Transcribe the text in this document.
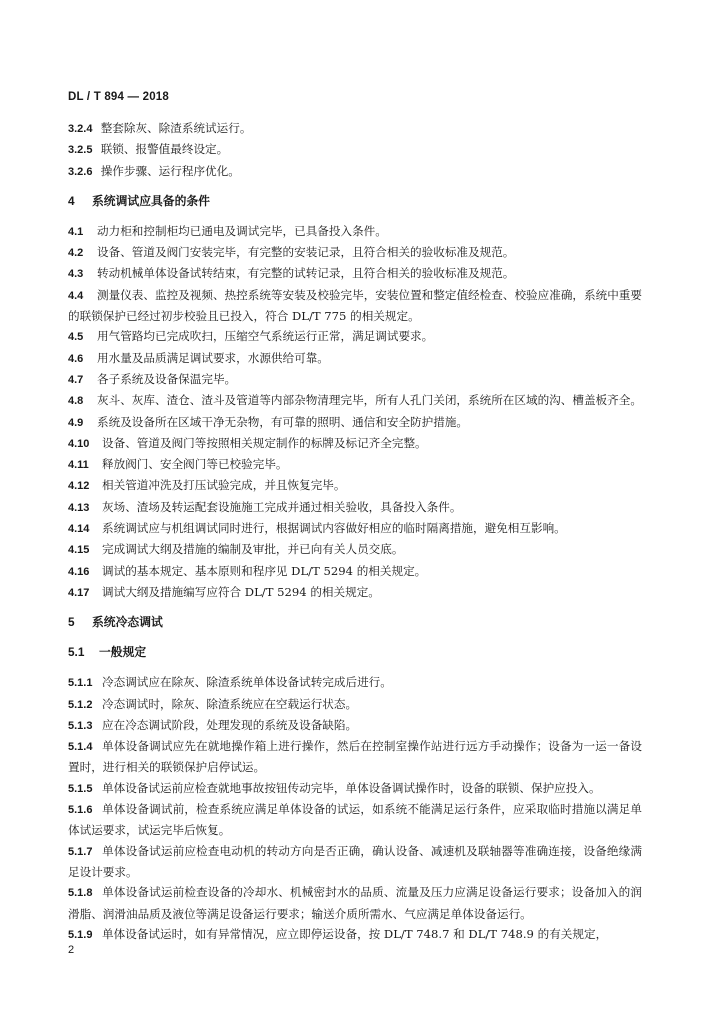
DL / T 894 — 2018

3.2.4 整套除灰、除渣系统试运行。

3.2.5 联锁、报警值最终设定。

3.2.6 操作步骤、运行程序优化。

4 系统调试应具备的条件

4.1 动力柜和控制柜均已通电及调试完毕，已具备投入条件。

4.2 设备、管道及阀门安装完毕，有完整的安装记录，且符合相关的验收标准及规范。

4.3 转动机械单体设备试转结束，有完整的试转记录，且符合相关的验收标准及规范。

4.4 测量仪表、监控及视频、热控系统等安装及校验完毕，安装位置和整定值经检查、校验应准确，系统中重要的联锁保护已经过初步校验且已投入，符合 DL/T 775 的相关规定。

4.5 用气管路均已完成吹扫，压缩空气系统运行正常，满足调试要求。

4.6 用水量及品质满足调试要求，水源供给可靠。

4.7 各子系统及设备保温完毕。

4.8 灰斗、灰库、渣仓、渣斗及管道等内部杂物清理完毕，所有人孔门关闭，系统所在区域的沟、槽盖板齐全。

4.9 系统及设备所在区域干净无杂物，有可靠的照明、通信和安全防护措施。

4.10 设备、管道及阀门等按照相关规定制作的标牌及标记齐全完整。

4.11 释放阀门、安全阀门等已校验完毕。

4.12 相关管道冲洗及打压试验完成，并且恢复完毕。

4.13 灰场、渣场及转运配套设施施工完成并通过相关验收，具备投入条件。

4.14 系统调试应与机组调试同时进行，根据调试内容做好相应的临时隔离措施，避免相互影响。

4.15 完成调试大纲及措施的编制及审批，并已向有关人员交底。

4.16 调试的基本规定、基本原则和程序见 DL/T 5294 的相关规定。

4.17 调试大纲及措施编写应符合 DL/T 5294 的相关规定。

5 系统冷态调试

5.1 一般规定

5.1.1 冷态调试应在除灰、除渣系统单体设备试转完成后进行。

5.1.2 冷态调试时，除灰、除渣系统应在空载运行状态。

5.1.3 应在冷态调试阶段，处理发现的系统及设备缺陷。

5.1.4 单体设备调试应先在就地操作箱上进行操作，然后在控制室操作站进行远方手动操作；设备为一运一备设置时，进行相关的联锁保护启停试运。

5.1.5 单体设备试运前应检查就地事故按钮传动完毕，单体设备调试操作时，设备的联锁、保护应投入。

5.1.6 单体设备调试前，检查系统应满足单体设备的试运，如系统不能满足运行条件，应采取临时措施以满足单体试运要求，试运完毕后恢复。

5.1.7 单体设备试运前应检查电动机的转动方向是否正确，确认设备、减速机及联轴器等准确连接，设备绝缘满足设计要求。

5.1.8 单体设备试运前检查设备的冷却水、机械密封水的品质、流量及压力应满足设备运行要求；设备加入的润滑脂、润滑油品质及液位等满足设备运行要求；输送介质所需水、气应满足单体设备运行。

5.1.9 单体设备试运时，如有异常情况，应立即停运设备，按 DL/T 748.7 和 DL/T 748.9 的有关规定，

2
